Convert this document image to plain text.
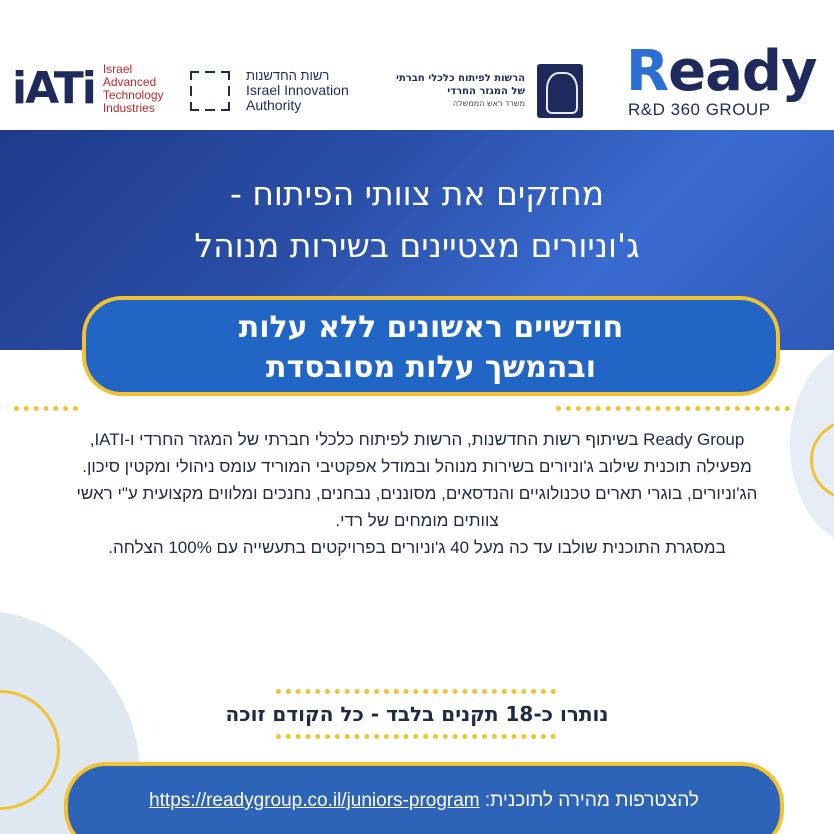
iATi Israel
Advanced
Technology
Industries
רשות החדשנות
Israel Innovation
Authority
הרשות לפיתוח כלכלי חברתי
של המגזר החרדי
משרד ראש הממשלה Ready
R&D 360 GROUP
מחזקים את צוותי הפיתוח -
ג'וניורים מצטיינים בשירות מנוהל
חודשיים ראשונים ללא עלות
ובהמשך עלות מסובסדת

Ready Group בשיתוף רשות החדשנות, הרשות לפיתוח כלכלי חברתי של המגזר החרדי ו-IATI,

מפעילה תוכנית שילוב ג'וניורים בשירות מנוהל ובמודל אפקטיבי המוריד עומס ניהולי ומקטין סיכון.

הג'וניורים, בוגרי תארים טכנולוגיים והנדסאים, מסוננים, נבחנים, נחנכים ומלווים מקצועית ע"י ראשי צוותים מומחים של רדי.

במסגרת התוכנית שולבו עד כה מעל 40 ג'וניורים בפרויקטים בתעשייה עם 100% הצלחה.

נותרו כ-18 תקנים בלבד - כל הקודם זוכה
להצטרפות מהירה לתוכנית: https://readygroup.co.il/juniors-program
